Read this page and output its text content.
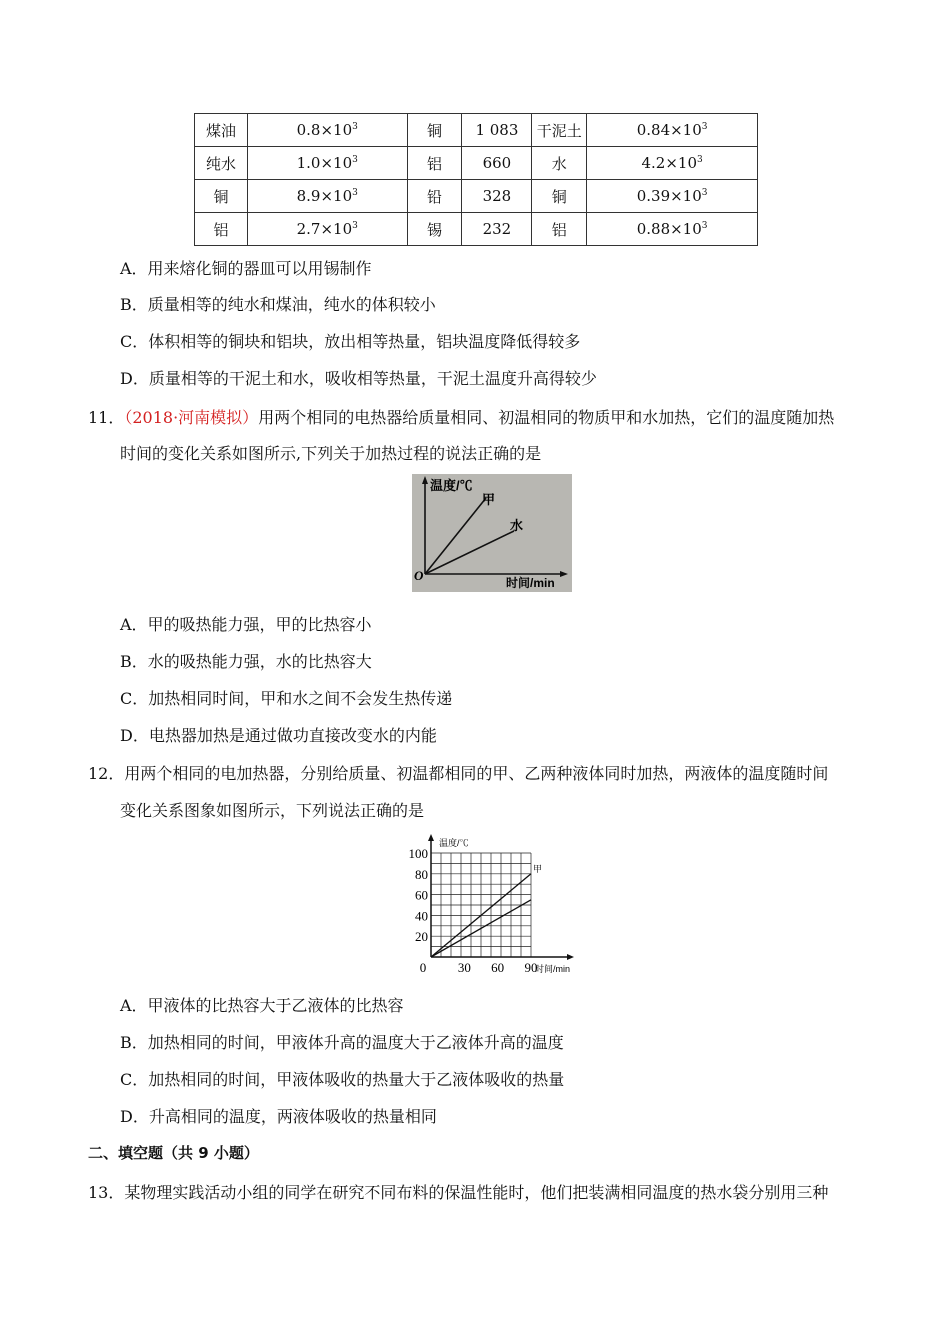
煤油	$0.8\times 10^3$	铜	1 083	干泥土	$0.84\times 10^3$
纯水	$1.0\times 10^3$	铝	660	水	$4.2\times 10^3$
铜	$8.9\times 10^3$	铅	328	铜	$0.39\times 10^3$
铝	$2.7\times 10^3$	锡	232	铝	$0.88\times 10^3$
A．用来熔化铜的器皿可以用锡制作
B．质量相等的纯水和煤油，纯水的体积较小
C．体积相等的铜块和铝块，放出相等热量，铝块温度降低得较多
D．质量相等的干泥土和水，吸收相等热量，干泥土温度升高得较少
11．（2018·河南模拟）用两个相同的电热器给质量相同、初温相同的物质甲和水加热，它们的温度随加热
时间的变化关系如图所示,下列关于加热过程的说法正确的是
温度/℃
甲
水
O	时间/min
A．甲的吸热能力强，甲的比热容小
B．水的吸热能力强，水的比热容大
C．加热相同时间，甲和水之间不会发生热传递
D．电热器加热是通过做功直接改变水的内能
12．用两个相同的电加热器，分别给质量、初温都相同的甲、乙两种液体同时加热，两液体的温度随时间
变化关系图象如图所示，下列说法正确的是
20
40
60
80
100
0 30 60 90
甲
温度/℃
时间/min
A．甲液体的比热容大于乙液体的比热容
B．加热相同的时间，甲液体升高的温度大于乙液体升高的温度
C．加热相同的时间，甲液体吸收的热量大于乙液体吸收的热量
D．升高相同的温度，两液体吸收的热量相同
二、填空题（共 9 小题）
13．某物理实践活动小组的同学在研究不同布料的保温性能时，他们把装满相同温度的热水袋分别用三种
